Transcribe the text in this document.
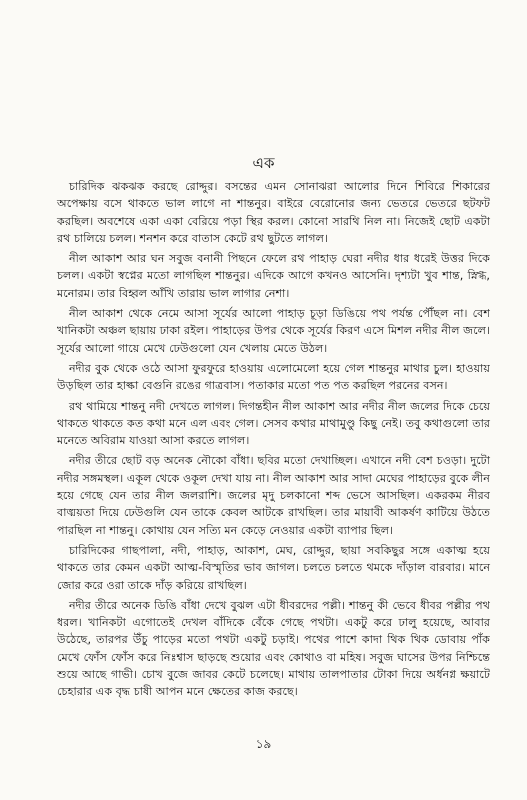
এক

চারিদিক ঝকঝক করছে রোদ্দুর। বসন্তের এমন সোনাঝরা আলোর দিনে শিবিরে শিকারের অপেক্ষায় বসে থাকতে ভাল লাগে না শান্তনুর। বাইরে বেরোনোর জন্য ভেতরে ভেতরে ছটফট করছিল। অবশেষে একা একা বেরিয়ে পড়া স্থির করল। কোনো সারথি নিল না। নিজেই ছোট একটা রথ চালিয়ে চলল। শনশন করে বাতাস কেটে রথ ছুটতে লাগল।

নীল আকাশ আর ঘন সবুজ বনানী পিছনে ফেলে রথ পাহাড় ঘেরা নদীর ধার ধরেই উত্তর দিকে চলল। একটা স্বপ্নের মতো লাগছিল শান্তনুর। এদিকে আগে কখনও আসেনি। দৃশ্যটা খুব শান্ত, স্নিগ্ধ, মনোরম। তার বিহ্বল আঁখি তারায় ভাল লাগার নেশা।

নীল আকাশ থেকে নেমে আসা সূর্যের আলো পাহাড় চূড়া ডিঙিয়ে পথ পর্যন্ত পৌঁছল না। বেশ খানিকটা অঞ্চল ছায়ায় ঢাকা রইল। পাহাড়ের উপর থেকে সূর্যের কিরণ এসে মিশল নদীর নীল জলে। সূর্যের আলো গায়ে মেখে ঢেউগুলো যেন খেলায় মেতে উঠল।

নদীর বুক থেকে ওঠে আসা ফুরফুরে হাওয়ায় এলোমেলো হয়ে গেল শান্তনুর মাথার চুল। হাওয়ায় উড়ছিল তার হাল্কা বেগুনি রঙের গাত্রবাস। পতাকার মতো পত পত করছিল পরনের বসন।

রথ থামিয়ে শান্তনু নদী দেখতে লাগল। দিগন্তহীন নীল আকাশ আর নদীর নীল জলের দিকে চেয়ে থাকতে থাকতে কত কথা মনে এল এবং গেল। সেসব কথার মাথামুণ্ডু কিছু নেই। তবু কথাগুলো তার মনেতে অবিরাম যাওয়া আসা করতে লাগল।

নদীর তীরে ছোট বড় অনেক নৌকো বাঁধা। ছবির মতো দেখাচ্ছিল। এখানে নদী বেশ চওড়া। দুটো নদীর সঙ্গমস্থল। একূল থেকে ওকূল দেখা যায় না। নীল আকাশ আর সাদা মেঘের পাহাড়ের বুকে লীন হয়ে গেছে যেন তার নীল জলরাশি। জলের মৃদু চলকানো শব্দ ভেসে আসছিল। একরকম নীরব বাঙ্ময়তা দিয়ে ঢেউগুলি যেন তাকে কেবল আটকে রাখছিল। তার মায়াবী আকর্ষণ কাটিয়ে উঠতে পারছিল না শান্তনু। কোথায় যেন সত্যি মন কেড়ে নেওয়ার একটা ব্যাপার ছিল।

চারিদিকের গাছপালা, নদী, পাহাড়, আকাশ, মেঘ, রোদ্দুর, ছায়া সবকিছুর সঙ্গে একাত্ম হয়ে থাকতে তার কেমন একটা আত্ম-বিস্মৃতির ভাব জাগল। চলতে চলতে থমকে দাঁড়াল বারবার। মানে জোর করে ওরা তাকে দাঁড় করিয়ে রাখছিল।

নদীর তীরে অনেক ডিঙি বাঁধা দেখে বুঝল এটা ধীবরদের পল্লী। শান্তনু কী ভেবে ধীবর পল্লীর পথ ধরল। খানিকটা এগোতেই দেখল বাঁদিকে বেঁকে গেছে পথটা। একটু করে ঢালু হয়েছে, আবার উঠেছে, তারপর উঁচু পাড়ের মতো পথটা একটু চড়াই। পথের পাশে কাদা থিক থিক ডোবায় পাঁক মেখে ফোঁস ফোঁস করে নিঃশ্বাস ছাড়ছে শুয়োর এবং কোথাও বা মহিষ। সবুজ ঘাসের উপর নিশ্চিন্তে শুয়ে আছে গাভী। চোখ বুজে জাবর কেটে চলেছে। মাথায় তালপাতার টোকা দিয়ে অর্ধনগ্ন ক্ষয়াটে চেহারার এক বৃদ্ধ চাষী আপন মনে ক্ষেতের কাজ করছে।

১৯
